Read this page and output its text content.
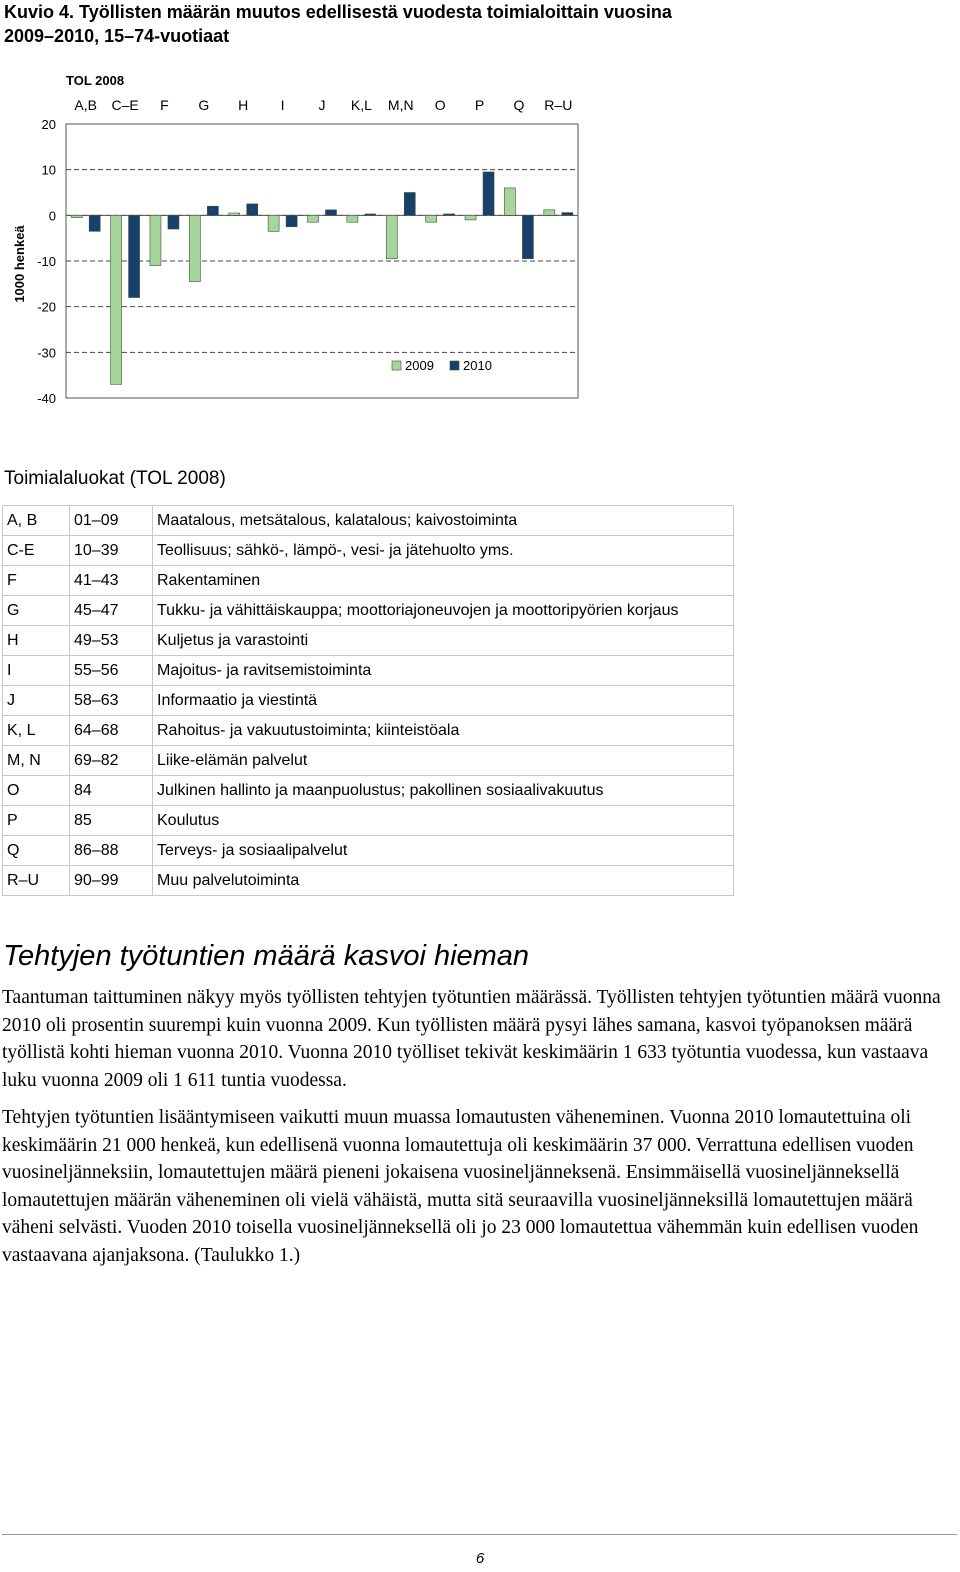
Kuvio 4. Työllisten määrän muutos edellisestä vuodesta toimialoittain vuosina 2009–2010, 15–74-vuotiaat
20
10
0
-10
-20
-30
-40
1000 henkeä
TOL 2008
A,B C–E F G H I J K,L M,N O P Q R–U
2009 2010
Toimialaluokat (TOL 2008)
A, B	01–09	Maatalous, metsätalous, kalatalous; kaivostoiminta
C-E	10–39	Teollisuus; sähkö-, lämpö-, vesi- ja jätehuolto yms.
F	41–43	Rakentaminen
G	45–47	Tukku- ja vähittäiskauppa; moottoriajoneuvojen ja moottoripyörien korjaus
H	49–53	Kuljetus ja varastointi
I	55–56	Majoitus- ja ravitsemistoiminta
J	58–63	Informaatio ja viestintä
K, L	64–68	Rahoitus- ja vakuutustoiminta; kiinteistöala
M, N	69–82	Liike-elämän palvelut
O	84	Julkinen hallinto ja maanpuolustus; pakollinen sosiaalivakuutus
P	85	Koulutus
Q	86–88	Terveys- ja sosiaalipalvelut
R–U	90–99	Muu palvelutoiminta
Tehtyjen työtuntien määrä kasvoi hieman

Taantuman taittuminen näkyy myös työllisten tehtyjen työtuntien määrässä. Työllisten tehtyjen työtuntien määrä vuonna 2010 oli prosentin suurempi kuin vuonna 2009. Kun työllisten määrä pysyi lähes samana, kasvoi työpanoksen määrä työllistä kohti hieman vuonna 2010. Vuonna 2010 työlliset tekivät keskimäärin 1 633 työtuntia vuodessa, kun vastaava luku vuonna 2009 oli 1 611 tuntia vuodessa.

Tehtyjen työtuntien lisääntymiseen vaikutti muun muassa lomautusten väheneminen. Vuonna 2010 lomautettuina oli keskimäärin 21 000 henkeä, kun edellisenä vuonna lomautettuja oli keskimäärin 37 000. Verrattuna edellisen vuoden vuosineljänneksiin, lomautettujen määrä pieneni jokaisena vuosineljänneksenä. Ensimmäisellä vuosineljänneksellä lomautettujen määrän väheneminen oli vielä vähäistä, mutta sitä seuraavilla vuosineljänneksillä lomautettujen määrä väheni selvästi. Vuoden 2010 toisella vuosineljänneksellä oli jo 23 000 lomautettua vähemmän kuin edellisen vuoden vastaavana ajanjaksona. (Taulukko 1.)

6
